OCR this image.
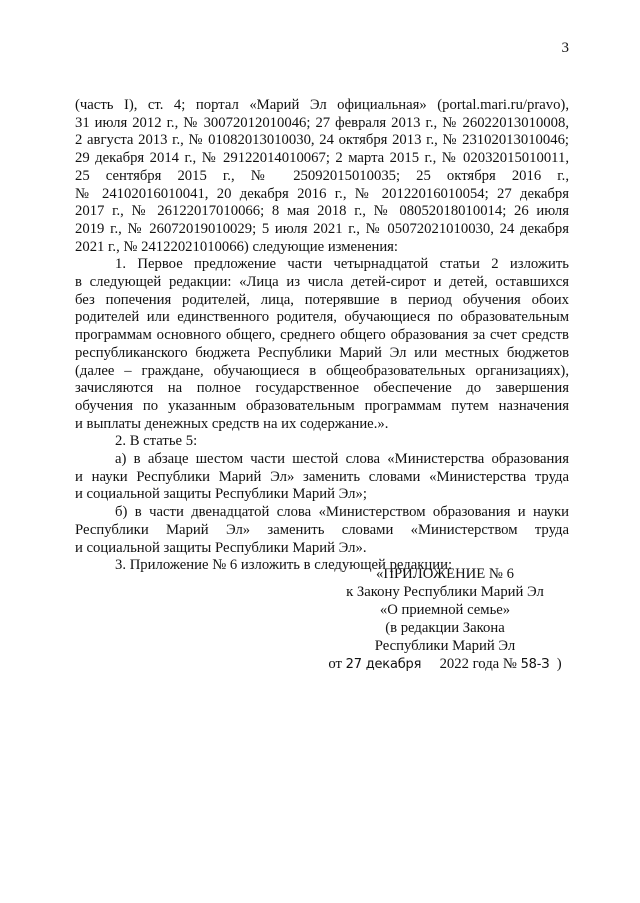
3
(часть I), ст. 4; портал «Марий Эл официальная» (portal.mari.ru/pravo),
31 июля 2012 г., № 30072012010046; 27 февраля 2013 г., № 26022013010008,
2 августа 2013 г., № 01082013010030, 24 октября 2013 г., № 23102013010046;
29 декабря 2014 г., № 29122014010067; 2 марта 2015 г., № 02032015010011,
25 сентября 2015 г., № 25092015010035; 25 октября 2016 г.,
№ 24102016010041, 20 декабря 2016 г., № 20122016010054; 27 декабря
2017 г., № 26122017010066; 8 мая 2018 г., № 08052018010014; 26 июля
2019 г., № 26072019010029; 5 июля 2021 г., № 05072021010030, 24 декабря
2021 г., № 24122021010066) следующие изменения:
1. Первое предложение части четырнадцатой статьи 2 изложить
в следующей редакции: «Лица из числа детей-сирот и детей, оставшихся
без попечения родителей, лица, потерявшие в период обучения обоих
родителей или единственного родителя, обучающиеся по образовательным
программам основного общего, среднего общего образования за счет средств
республиканского бюджета Республики Марий Эл или местных бюджетов
(далее – граждане, обучающиеся в общеобразовательных организациях),
зачисляются на полное государственное обеспечение до завершения
обучения по указанным образовательным программам путем назначения
и выплаты денежных средств на их содержание.».
2. В статье 5:
а) в абзаце шестом части шестой слова «Министерства образования
и науки Республики Марий Эл» заменить словами «Министерства труда
и социальной защиты Республики Марий Эл»;
б) в части двенадцатой слова «Министерством образования и науки
Республики Марий Эл» заменить словами «Министерством труда
и социальной защиты Республики Марий Эл».
3. Приложение № 6 изложить в следующей редакции:
«ПРИЛОЖЕНИЕ № 6
к Закону Республики Марий Эл
«О приемной семье»
(в редакции Закона
Республики Марий Эл
от 27 декабря 2022 года № 58-З )
